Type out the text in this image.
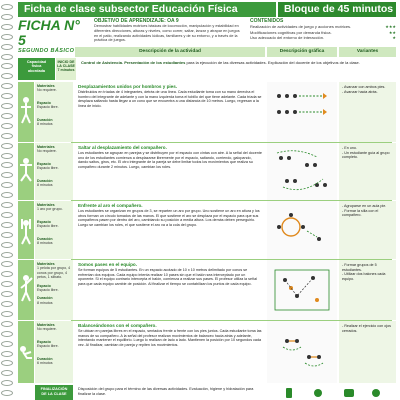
Ficha de clase subsector Educación Física	Bloque de 45 minutos
FICHA N° 5
SEGUNDO BÁSICO
OBJETIVO DE APRENDIZAJE: OA 9
Demostrar habilidades motrices básicas de locomoción, manipulación y estabilidad en diferentes direcciones, alturas y niveles, como correr, saltar, lanzar y atrapar en juegos en el patio, realizando actividades lúdicas, familiares y de su entorno, y a través de la práctica de juegos.
CONTENIDOS
Realización de actividades de juego y acciones motrices.	★★★
Modificaciones cognitivas por demanda física.	★★
Uso adecuado del entorno de interacción.	★
Descripción de la actividad	Descripción gráfica	Variantes
Capacidad
física
abordada
INICIO DE
LA CLASE
7 minutos

Control de Asistencia. Presentación de los estudiantes para la ejecución de las diversas actividades. Explicación del docente de los objetivos de la clase.

Materiales
No requiere.

Espacio
Espacio libre.

Duración
8 minutos

Desplazamientos unidos por hombros y pies.

Distribuidos en tríadas de 4 integrantes, detrás de una línea. Cada estudiante toma con su mano derecha el hombro del integrante de adelante y con la mano izquierda toma el tobillo del que tiene adelante. Cada tríada se desplaza saltando hasta llegar a un cono que se encuentra a una distancia de 10 metros. Luego, regresan a la línea de inicio.

- Avanzar con ambos pies.

- Avanzar hacia atrás.

Materiales
No requiere.

Espacio
Espacio libre.

Duración
8 minutos

Saltar al desplazamiento del compañero.

Los estudiantes se agrupan en parejas y se distribuyen por el espacio con cintas con aire. A la señal del docente uno de los estudiantes comienza a desplazarse libremente por el espacio, saltando, corriendo, galopando, dando saltos, giros, etc. El otro integrante de la pareja se debe limitar todos los movimientos que realiza su compañero durante 2 minutos. Luego, cambian los roles.

- En uno.

- Un estudiante guía al grupo completo.

Materiales
1 aro por grupo.

Espacio
Espacio libre.

Duración
8 minutos

Enfrente al aro el compañero.

Los estudiantes se organizan en grupos de 3, se reparten un aro por grupo. Uno sostiene un aro en altura y los otros forman un círculo tomados de las manos. El que sostiene el aro se desplaza por el espacio para que sus compañeros pasen por dentro del aro, cambiando su posición a media altura. Los demás deben perseguirlo. Luego se cambian los roles, el que sostiene el aro va a la cola del grupo.

- Agruparse en un aula pie.

- Formar la silla con el compañero.

Materiales
1 pelota por grupo, 4 conos por grupo, 4 petos, 1 silbato.

Espacio
Espacio libre.

Duración
8 minutos

Somos pases en el equipo.

Se forman equipos de 5 estudiantes. En un espacio acotado de 10 x 10 metros delimitado por conos se enfrentan dos equipos. Cada equipo intenta realizar 10 pases sin que el balón sea interceptado por un oponente. Si el equipo contrario intercepta el balón, comienza a realizar sus pases. El profesor utiliza la señal para que cada equipo cambie de posición. Al finalizar el tiempo se contabilizan los puntos de cada equipo.

- Formar grupos de 5 estudiantes.

- Utilizar dos balones cada equipo.

Materiales
No requiere.

Espacio
Espacio libre.

Duración
6 minutos

Balanceándonos con el compañero.

Se ubican en parejas libres en el espacio, sentados frente a frente con los pies juntos. Cada estudiante toma las manos de su compañero. A la señal del profesor realizan movimientos de balanceo hacia atrás y adelante, intentando mantener el equilibrio. Luego lo realizan de lado a lado. Mantienen la posición por 10 segundos cada vez. Al finalizar, cambian de pareja y repiten los movimientos.

- Realizar el ejercicio con ojos cerrados.

FINALIZACIÓN
DE LA CLASE
Disposición del grupo para el término de las diversas actividades. Evaluación, higiene y hidratación para finalizar la clase.
